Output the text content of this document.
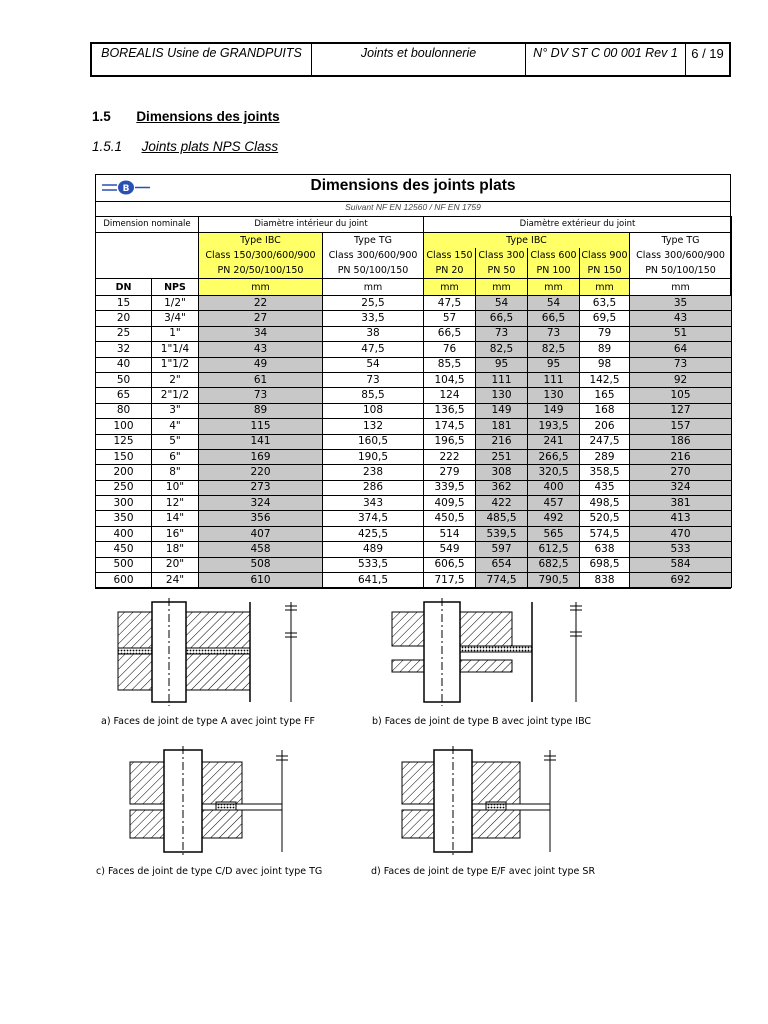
BOREALIS Usine de GRANDPUITS	Joints et boulonnerie	N° DV ST C 00 001 Rev 1	6 / 19
1.5 Dimensions des joints
1.5.1 Joints plats NPS Class
B	Dimensions des joints plats
Suivant NF EN 12560 / NF EN 1759
Dimension nominale		Diamètre intérieur du joint		Diamètre extérieur du joint				
		Type IBC	Type TG	Type IBC				Type TG
		Class 150/300/600/900	Class 300/600/900	Class 150	Class 300	Class 600	Class 900	Class 300/600/900
		PN 20/50/100/150	PN 50/100/150	PN 20	PN 50	PN 100	PN 150	PN 50/100/150
DN	NPS	mm	mm	mm	mm	mm	mm	mm
15	1/2"	22	25,5	47,5	54	54	63,5	35
20	3/4"	27	33,5	57	66,5	66,5	69,5	43
25	1"	34	38	66,5	73	73	79	51
32	1"1/4	43	47,5	76	82,5	82,5	89	64
40	1"1/2	49	54	85,5	95	95	98	73
50	2"	61	73	104,5	111	111	142,5	92
65	2"1/2	73	85,5	124	130	130	165	105
80	3"	89	108	136,5	149	149	168	127
100	4"	115	132	174,5	181	193,5	206	157
125	5"	141	160,5	196,5	216	241	247,5	186
150	6"	169	190,5	222	251	266,5	289	216
200	8"	220	238	279	308	320,5	358,5	270
250	10"	273	286	339,5	362	400	435	324
300	12"	324	343	409,5	422	457	498,5	381
350	14"	356	374,5	450,5	485,5	492	520,5	413
400	16"	407	425,5	514	539,5	565	574,5	470
450	18"	458	489	549	597	612,5	638	533
500	20"	508	533,5	606,5	654	682,5	698,5	584
600	24"	610	641,5	717,5	774,5	790,5	838	692
a) Faces de joint de type A avec joint type FF	b) Faces de joint de type B avec joint type IBC
c) Faces de joint de type C/D avec joint type TG	d) Faces de joint de type E/F avec joint type SR
